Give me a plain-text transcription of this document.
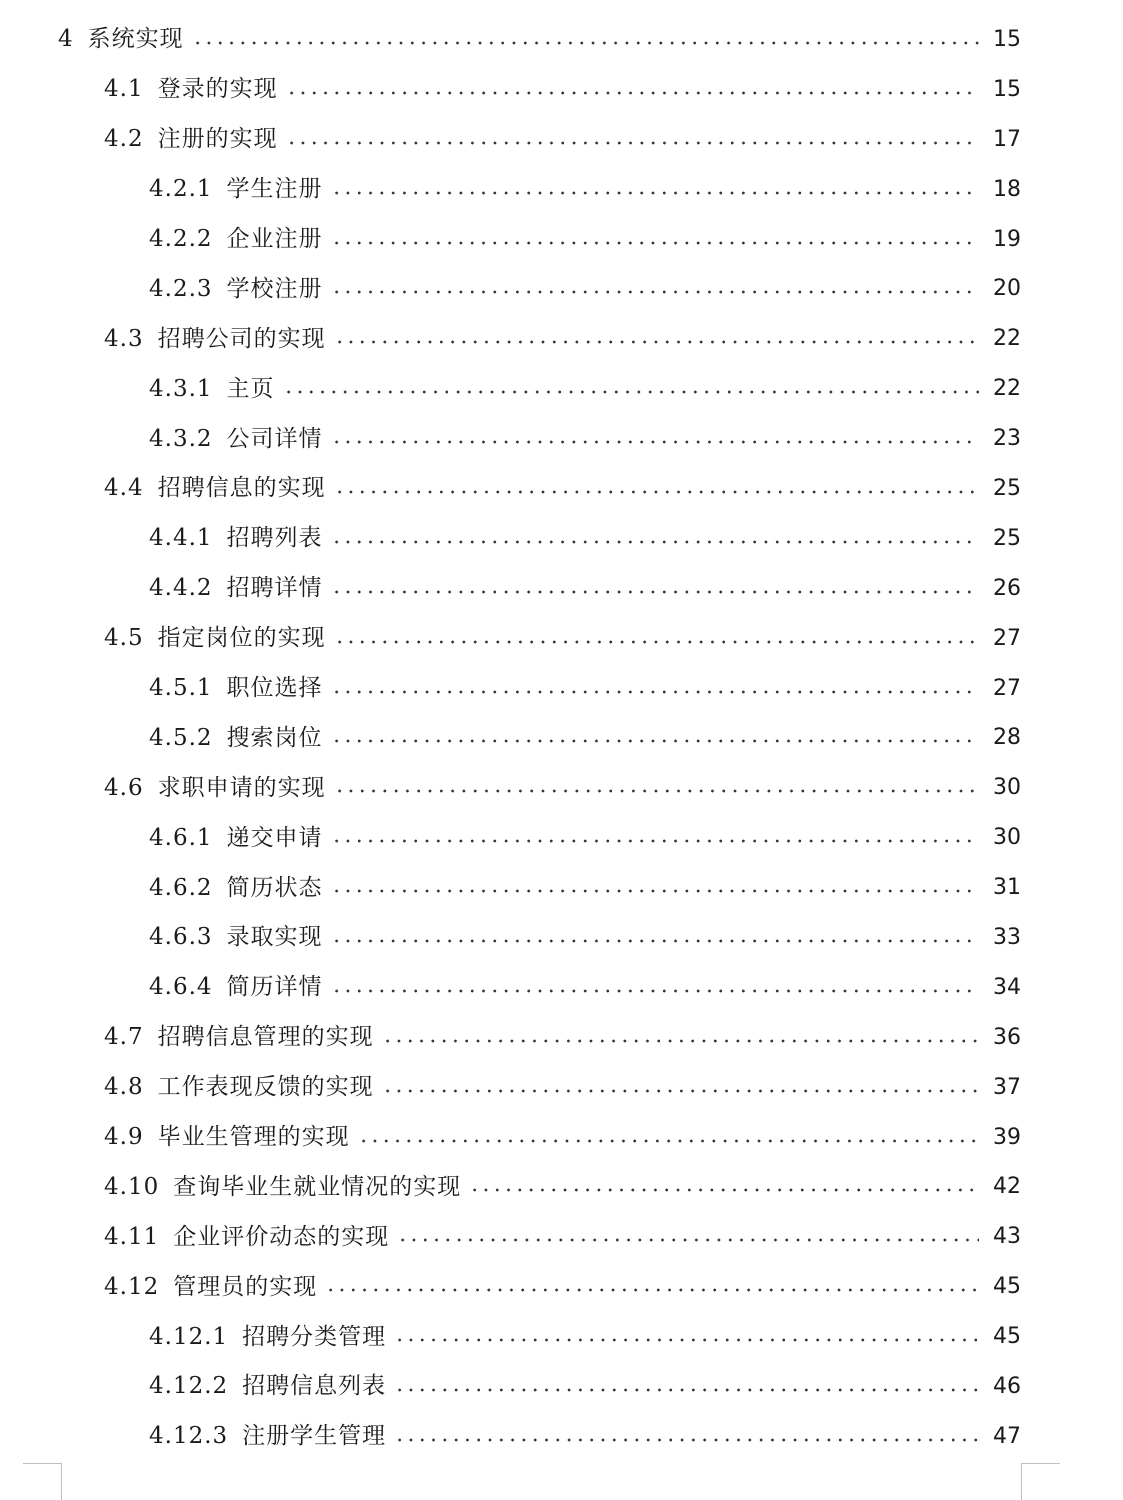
4 系统实现	15
4.1 登录的实现	15
4.2 注册的实现	17
4.2.1 学生注册	18
4.2.2 企业注册	19
4.2.3 学校注册	20
4.3 招聘公司的实现	22
4.3.1 主页	22
4.3.2 公司详情	23
4.4 招聘信息的实现	25
4.4.1 招聘列表	25
4.4.2 招聘详情	26
4.5 指定岗位的实现	27
4.5.1 职位选择	27
4.5.2 搜索岗位	28
4.6 求职申请的实现	30
4.6.1 递交申请	30
4.6.2 简历状态	31
4.6.3 录取实现	33
4.6.4 简历详情	34
4.7 招聘信息管理的实现	36
4.8 工作表现反馈的实现	37
4.9 毕业生管理的实现	39
4.10 查询毕业生就业情况的实现	42
4.11 企业评价动态的实现	43
4.12 管理员的实现	45
4.12.1 招聘分类管理	45
4.12.2 招聘信息列表	46
4.12.3 注册学生管理	47
